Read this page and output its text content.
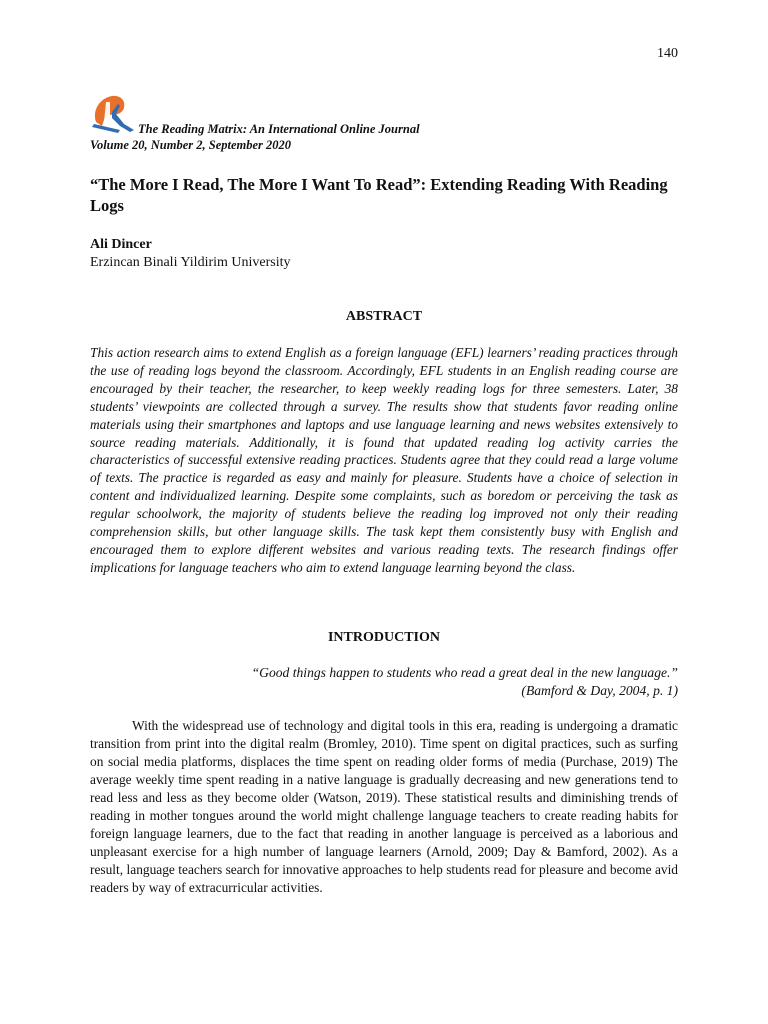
140
The Reading Matrix: An International Online Journal
Volume 20, Number 2, September 2020
“The More I Read, The More I Want To Read”: Extending Reading With Reading Logs
Ali Dincer
Erzincan Binali Yildirim University
ABSTRACT
This action research aims to extend English as a foreign language (EFL) learners’ reading practices through the use of reading logs beyond the classroom. Accordingly, EFL students in an English reading course are encouraged by their teacher, the researcher, to keep weekly reading logs for three semesters. Later, 38 students’ viewpoints are collected through a survey. The results show that students favor reading online materials using their smartphones and laptops and use language learning and news websites extensively to source reading materials. Additionally, it is found that updated reading log activity carries the characteristics of successful extensive reading practices. Students agree that they could read a large volume of texts. The practice is regarded as easy and mainly for pleasure. Students have a choice of selection in content and individualized learning. Despite some complaints, such as boredom or perceiving the task as regular schoolwork, the majority of students believe the reading log improved not only their reading comprehension skills, but other language skills. The task kept them consistently busy with English and encouraged them to explore different websites and various reading texts. The research findings offer implications for language teachers who aim to extend language learning beyond the class.
INTRODUCTION
“Good things happen to students who read a great deal in the new language.”
(Bamford & Day, 2004, p. 1)

With the widespread use of technology and digital tools in this era, reading is undergoing a dramatic transition from print into the digital realm (Bromley, 2010). Time spent on digital practices, such as surfing on social media platforms, displaces the time spent on reading older forms of media (Purchase, 2019) The average weekly time spent reading in a native language is gradually decreasing and new generations tend to read less and less as they become older (Watson, 2019). These statistical results and diminishing trends of reading in mother tongues around the world might challenge language teachers to create reading habits for foreign language learners, due to the fact that reading in another language is perceived as a laborious and unpleasant exercise for a high number of language learners (Arnold, 2009; Day & Bamford, 2002). As a result, language teachers search for innovative approaches to help students read for pleasure and become avid readers by way of extracurricular activities.
